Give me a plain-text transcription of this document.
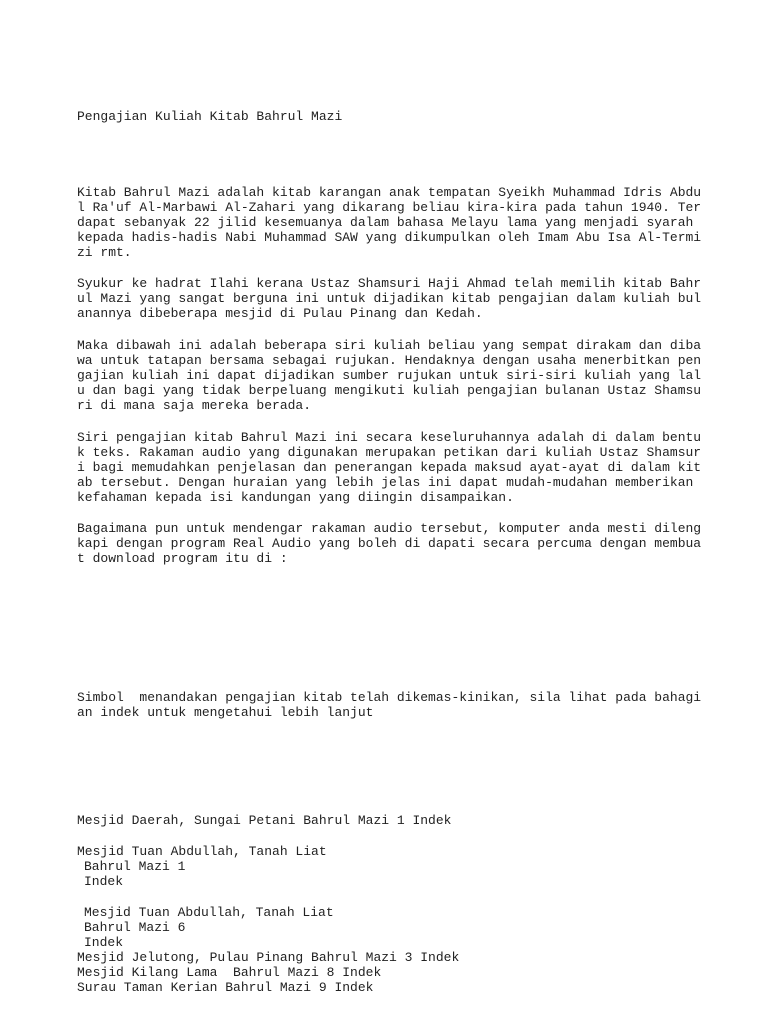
Pengajian Kuliah Kitab Bahrul Mazi

Kitab Bahrul Mazi adalah kitab karangan anak tempatan Syeikh Muhammad Idris Abdu

l Ra'uf Al-Marbawi Al-Zahari yang dikarang beliau kira-kira pada tahun 1940. Ter

dapat sebanyak 22 jilid kesemuanya dalam bahasa Melayu lama yang menjadi syarah

kepada hadis-hadis Nabi Muhammad SAW yang dikumpulkan oleh Imam Abu Isa Al-Termi

zi rmt.

Syukur ke hadrat Ilahi kerana Ustaz Shamsuri Haji Ahmad telah memilih kitab Bahr

ul Mazi yang sangat berguna ini untuk dijadikan kitab pengajian dalam kuliah bul

anannya dibeberapa mesjid di Pulau Pinang dan Kedah.

Maka dibawah ini adalah beberapa siri kuliah beliau yang sempat dirakam dan diba

wa untuk tatapan bersama sebagai rujukan. Hendaknya dengan usaha menerbitkan pen

gajian kuliah ini dapat dijadikan sumber rujukan untuk siri-siri kuliah yang lal

u dan bagi yang tidak berpeluang mengikuti kuliah pengajian bulanan Ustaz Shamsu

ri di mana saja mereka berada.

Siri pengajian kitab Bahrul Mazi ini secara keseluruhannya adalah di dalam bentu

k teks. Rakaman audio yang digunakan merupakan petikan dari kuliah Ustaz Shamsur

i bagi memudahkan penjelasan dan penerangan kepada maksud ayat-ayat di dalam kit

ab tersebut. Dengan huraian yang lebih jelas ini dapat mudah-mudahan memberikan

kefahaman kepada isi kandungan yang diingin disampaikan.

Bagaimana pun untuk mendengar rakaman audio tersebut, komputer anda mesti dileng

kapi dengan program Real Audio yang boleh di dapati secara percuma dengan membua

t download program itu di :

Simbol  menandakan pengajian kitab telah dikemas-kinikan, sila lihat pada bahagi

an indek untuk mengetahui lebih lanjut

Mesjid Daerah, Sungai Petani Bahrul Mazi 1 Indek

Mesjid Tuan Abdullah, Tanah Liat

Bahrul Mazi 1

Indek

Mesjid Tuan Abdullah, Tanah Liat

Bahrul Mazi 6

Indek

Mesjid Jelutong, Pulau Pinang Bahrul Mazi 3 Indek

Mesjid Kilang Lama  Bahrul Mazi 8 Indek

Surau Taman Kerian Bahrul Mazi 9 Indek
